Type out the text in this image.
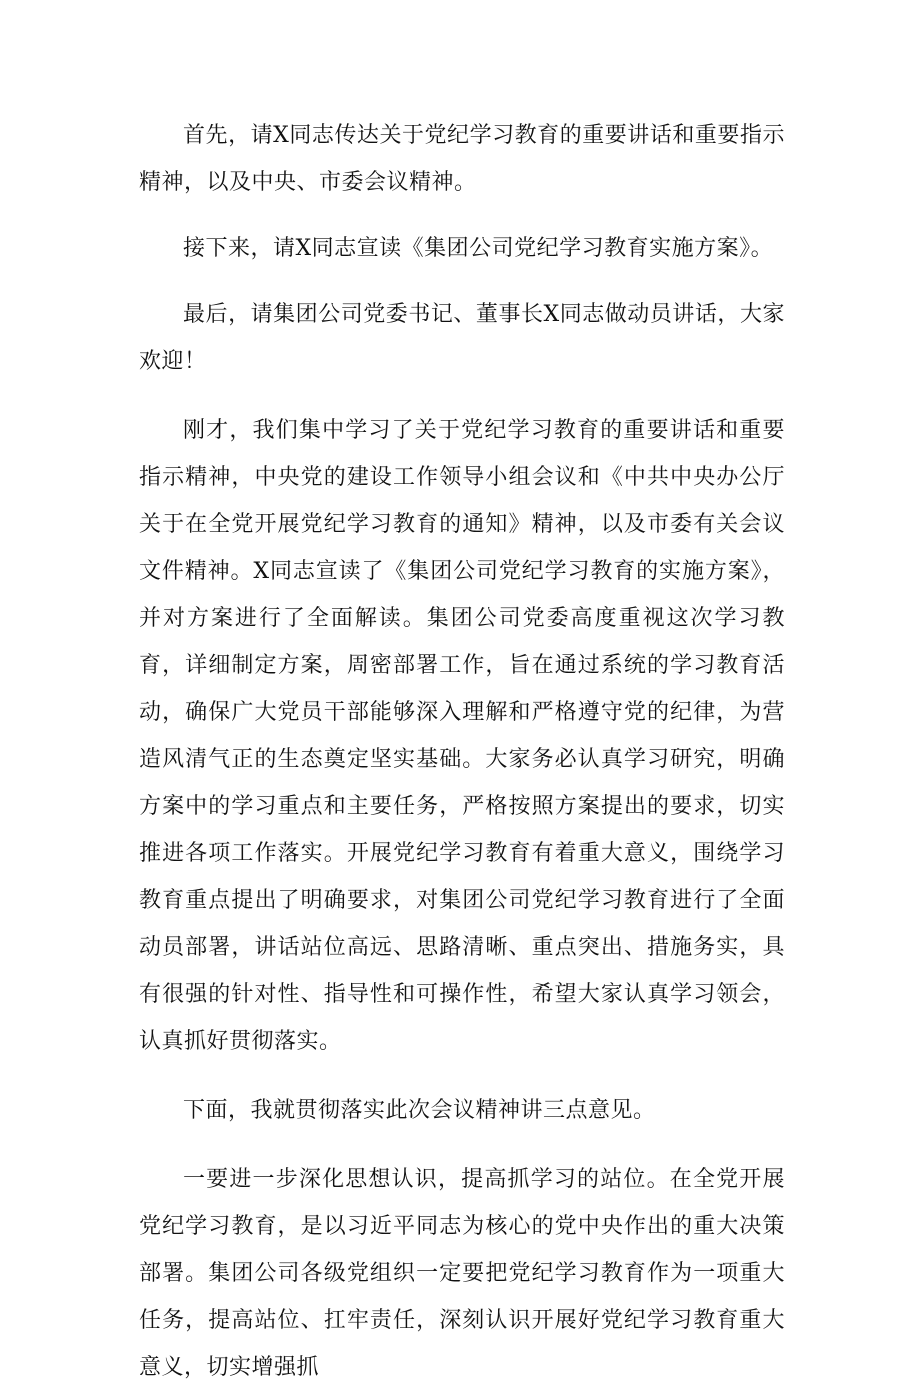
首先，请X同志传达关于党纪学习教育的重要讲话和重要指示精神，以及中央、市委会议精神。

接下来，请X同志宣读《集团公司党纪学习教育实施方案》。

最后，请集团公司党委书记、董事长X同志做动员讲话，大家欢迎！

刚才，我们集中学习了关于党纪学习教育的重要讲话和重要指示精神，中央党的建设工作领导小组会议和《中共中央办公厅关于在全党开展党纪学习教育的通知》精神，以及市委有关会议文件精神。X同志宣读了《集团公司党纪学习教育的实施方案》，并对方案进行了全面解读。集团公司党委高度重视这次学习教育，详细制定方案，周密部署工作，旨在通过系统的学习教育活动，确保广大党员干部能够深入理解和严格遵守党的纪律，为营造风清气正的生态奠定坚实基础。大家务必认真学习研究，明确方案中的学习重点和主要任务，严格按照方案提出的要求，切实推进各项工作落实。开展党纪学习教育有着重大意义，围绕学习教育重点提出了明确要求，对集团公司党纪学习教育进行了全面动员部署，讲话站位高远、思路清晰、重点突出、措施务实，具有很强的针对性、指导性和可操作性，希望大家认真学习领会，认真抓好贯彻落实。

下面，我就贯彻落实此次会议精神讲三点意见。

一要进一步深化思想认识，提高抓学习的站位。在全党开展党纪学习教育，是以习近平同志为核心的党中央作出的重大决策部署。集团公司各级党组织一定要把党纪学习教育作为一项重大任务，提高站位、扛牢责任，深刻认识开展好党纪学习教育重大意义，切实增强抓
